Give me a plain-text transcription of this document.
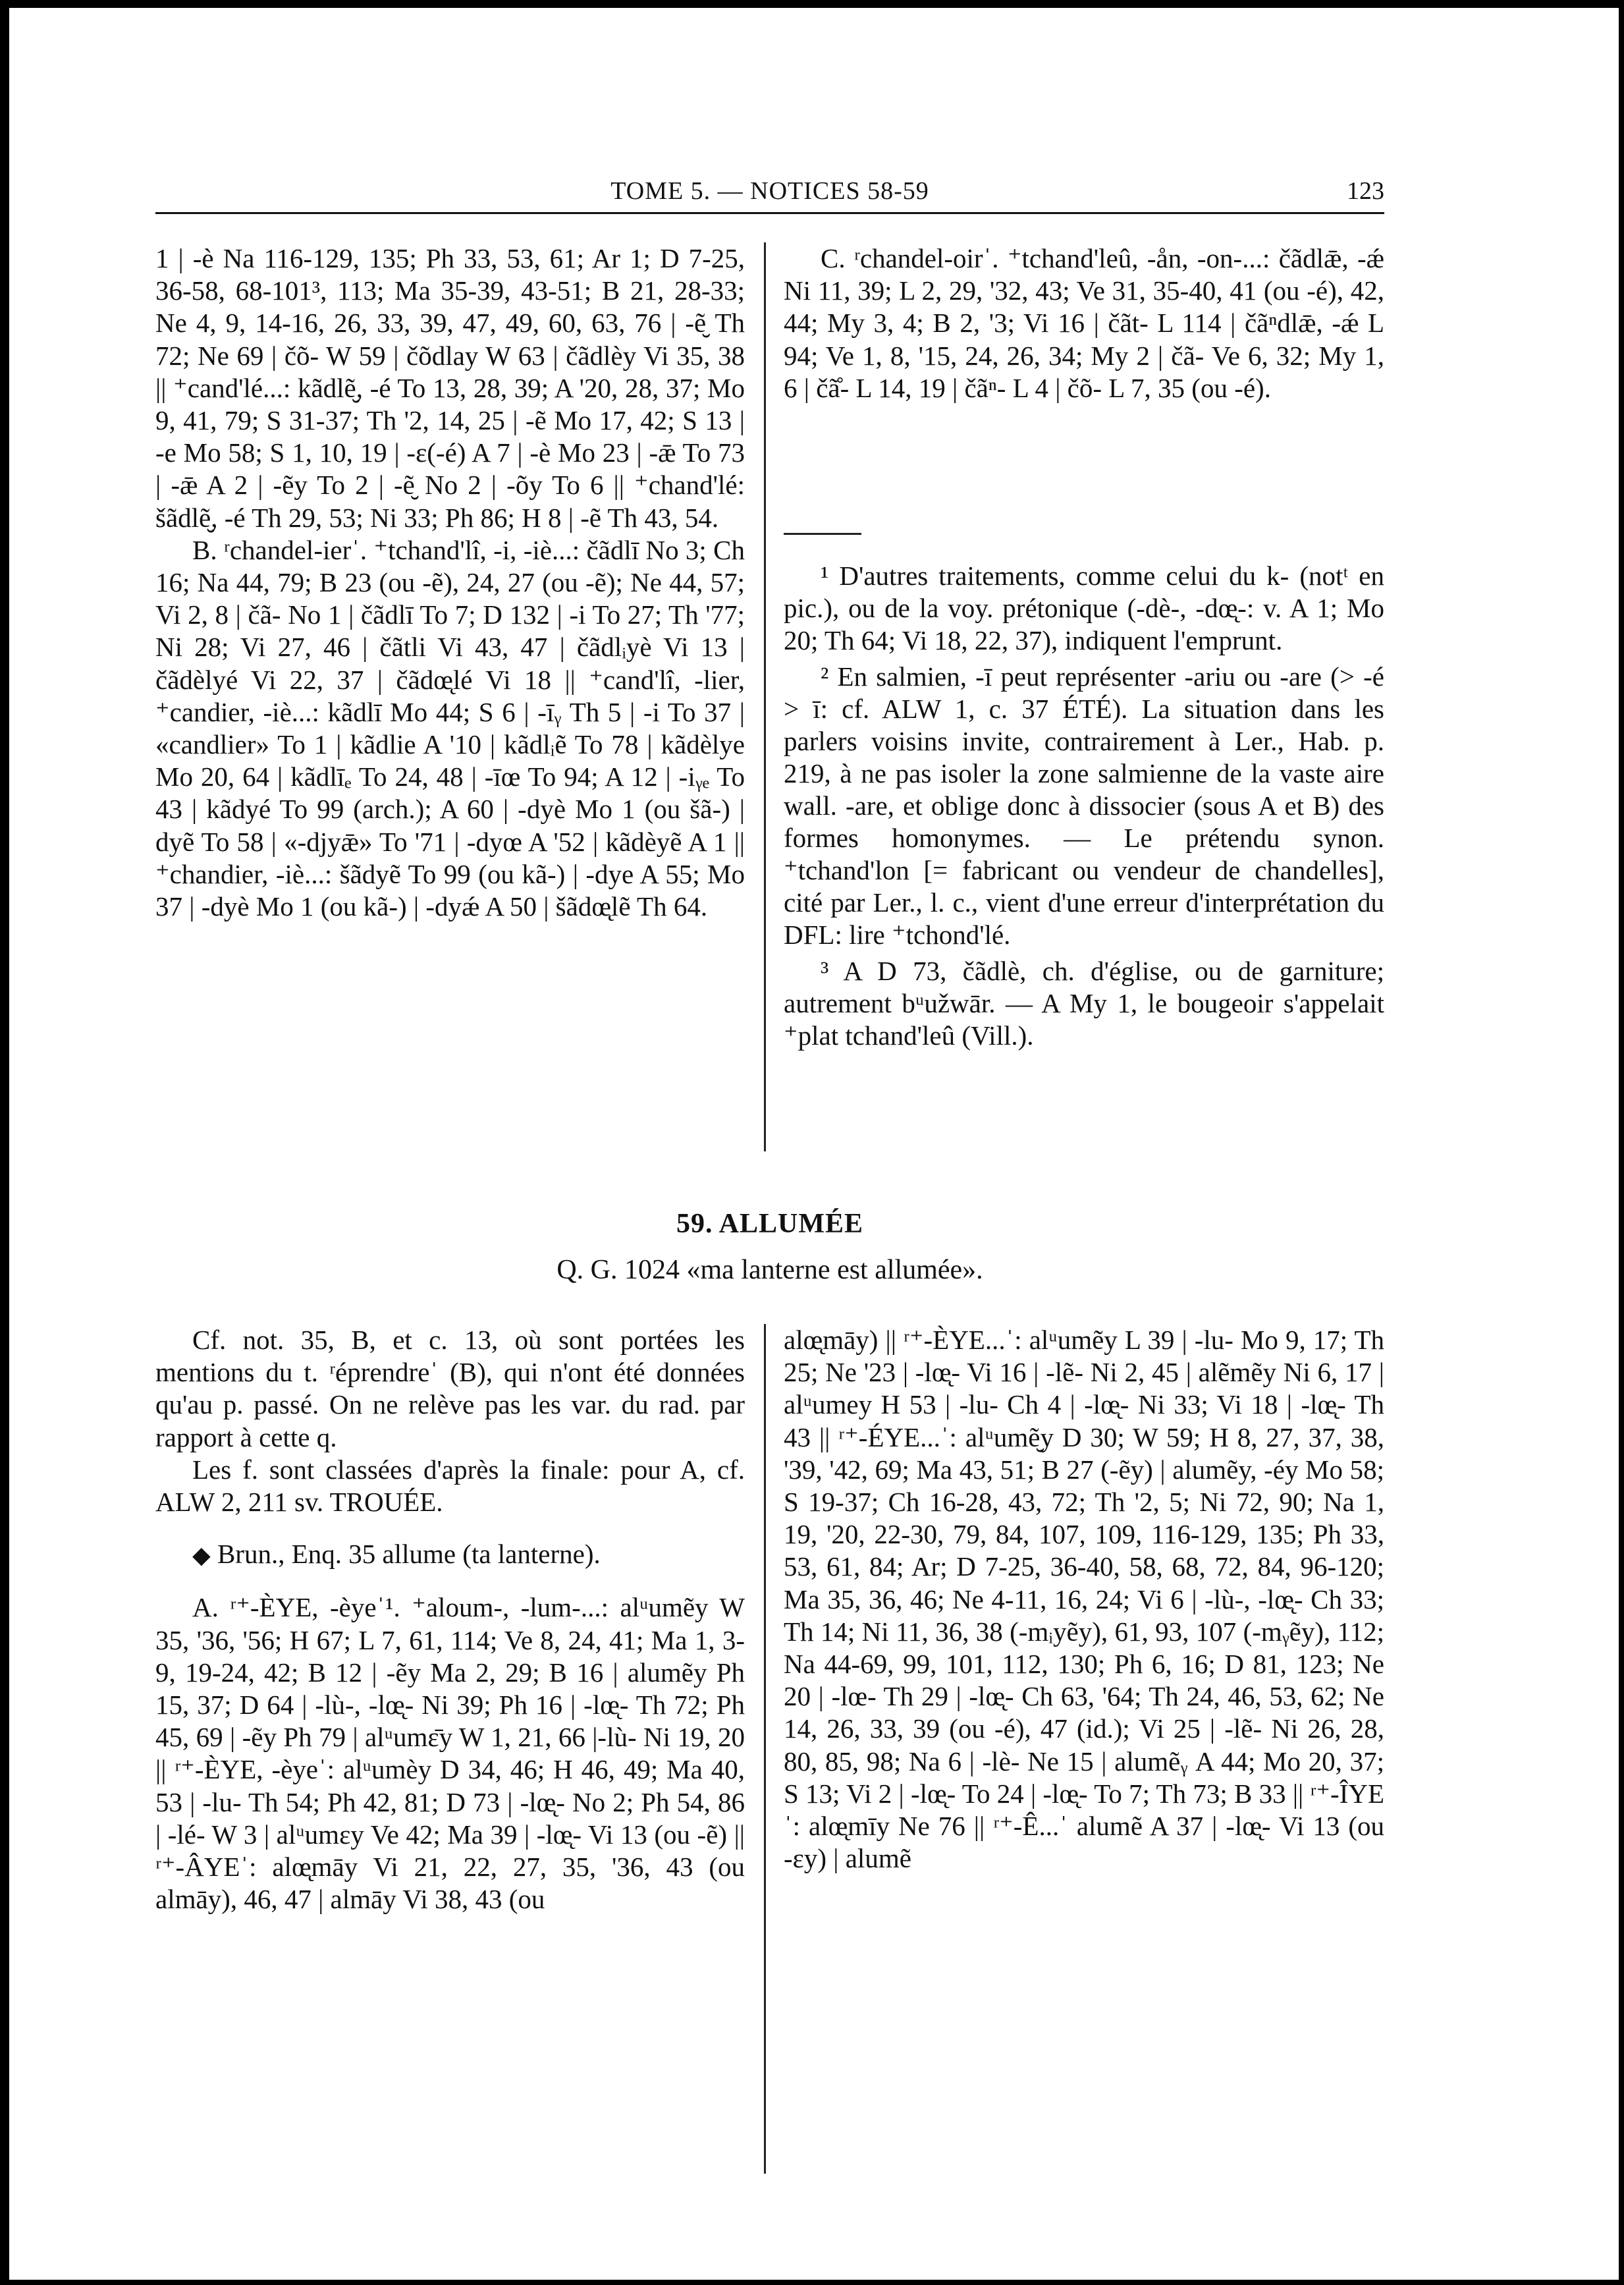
TOME 5. — NOTICES 58-59	123

1 | -è Na 116-129, 135; Ph 33, 53, 61; Ar 1; D 7-25, 36-58, 68-101³, 113; Ma 35-39, 43-51; B 21, 28-33; Ne 4, 9, 14-16, 26, 33, 39, 47, 49, 60, 63, 76 | -ẽ̮ Th 72; Ne 69 | čõ- W 59 | čõdlay W 63 | čãdlèy Vi 35, 38 || ⁺cand'lé...: kãdlẽ̮, -é To 13, 28, 39; A '20, 28, 37; Mo 9, 41, 79; S 31-37; Th '2, 14, 25 | -ẽ Mo 17, 42; S 13 | -e Mo 58; S 1, 10, 19 | -ɛ(-é) A 7 | -è Mo 23 | -ǣ To 73 | -ǣ A 2 | -ẽy To 2 | -ẽ̮ No 2 | -õy To 6 || ⁺chand'lé: šãdlẽ̮, -é Th 29, 53; Ni 33; Ph 86; H 8 | -ẽ Th 43, 54.

B. ʳchandel-ierˈ. ⁺tchand'lî, -i, -iè...: čãdlī No 3; Ch 16; Na 44, 79; B 23 (ou -ẽ), 24, 27 (ou -ẽ); Ne 44, 57; Vi 2, 8 | čã- No 1 | čãdlī To 7; D 132 | -i To 27; Th '77; Ni 28; Vi 27, 46 | čãtli Vi 43, 47 | čãdlᵢyè Vi 13 | čãdèlyé Vi 22, 37 | čãdœ̨lé Vi 18 || ⁺cand'lî, -lier, ⁺candier, -iè...: kãdlī Mo 44; S 6 | -īᵧ Th 5 | -i To 37 | «candlier» To 1 | kãdlie A '10 | kãdlᵢẽ To 78 | kãdèlye Mo 20, 64 | kãdlīₑ To 24, 48 | -īœ To 94; A 12 | -iᵧₑ To 43 | kãdyé To 99 (arch.); A 60 | -dyè Mo 1 (ou šã-) | dyẽ To 58 | «-djyǣ» To '71 | -dyœ A '52 | kãdèyẽ A 1 || ⁺chandier, -iè...: šãdyẽ To 99 (ou kã-) | -dye A 55; Mo 37 | -dyè Mo 1 (ou kã-) | -dyǽ A 50 | šãdœ̨lẽ Th 64.

C. ʳchandel-oirˈ. ⁺tchand'leû, -ån, -on-...: čãdlǣ, -ǽ Ni 11, 39; L 2, 29, '32, 43; Ve 31, 35-40, 41 (ou -é), 42, 44; My 3, 4; B 2, '3; Vi 16 | čãt- L 114 | čãⁿdlǣ, -ǽ L 94; Ve 1, 8, '15, 24, 26, 34; My 2 | čã- Ve 6, 32; My 1, 6 | čã̊- L 14, 19 | čãⁿ- L 4 | čõ- L 7, 35 (ou -é).

¹ D'autres traitements, comme celui du k- (notᵗ en pic.), ou de la voy. prétonique (-dè-, -dœ̨-: v. A 1; Mo 20; Th 64; Vi 18, 22, 37), indiquent l'emprunt.

² En salmien, -ī peut représenter -ariu ou -are (> -é > ī: cf. ALW 1, c. 37 ÉTÉ). La situation dans les parlers voisins invite, contrairement à Ler., Hab. p. 219, à ne pas isoler la zone salmienne de la vaste aire wall. -are, et oblige donc à dissocier (sous A et B) des formes homonymes. — Le prétendu synon. ⁺tchand'lon [= fabricant ou vendeur de chandelles], cité par Ler., l. c., vient d'une erreur d'interprétation du DFL: lire ⁺tchond'lé.

³ A D 73, čãdlè, ch. d'église, ou de garniture; autrement bᵘužwār. — A My 1, le bougeoir s'appelait ⁺plat tchand'leû (Vill.).

59. ALLUMÉE
Q. G. 1024 «ma lanterne est allumée».

Cf. not. 35, B, et c. 13, où sont portées les mentions du t. ʳéprendreˈ (B), qui n'ont été données qu'au p. passé. On ne relève pas les var. du rad. par rapport à cette q.

Les f. sont classées d'après la finale: pour A, cf. ALW 2, 211 sv. TROUÉE.

◆ Brun., Enq. 35 allume (ta lanterne).

A. ʳ⁺-ÈYE, -èyeˈ¹. ⁺aloum-, -lum-...: alᵘumẽy W 35, '36, '56; H 67; L 7, 61, 114; Ve 8, 24, 41; Ma 1, 3-9, 19-24, 42; B 12 | -ẽy Ma 2, 29; B 16 | alumẽy Ph 15, 37; D 64 | -lù-, -lœ̨- Ni 39; Ph 16 | -lœ̨- Th 72; Ph 45, 69 | -ẽy Ph 79 | alᵘumɛ̄y W 1, 21, 66 |-lù- Ni 19, 20 || ʳ⁺-ÈYE, -èyeˈ: alᵘumèy D 34, 46; H 46, 49; Ma 40, 53 | -lu- Th 54; Ph 42, 81; D 73 | -lœ̨- No 2; Ph 54, 86 | -lé- W 3 | alᵘumɛy Ve 42; Ma 39 | -lœ̨- Vi 13 (ou -ẽ) || ʳ⁺-ÂYEˈ: alœ̨māy Vi 21, 22, 27, 35, '36, 43 (ou almāy), 46, 47 | almāy Vi 38, 43 (ou

alœ̨māy) || ʳ⁺-ÈYE...ˈ: alᵘumẽy L 39 | -lu- Mo 9, 17; Th 25; Ne '23 | -lœ̨- Vi 16 | -lẽ- Ni 2, 45 | alẽmẽy Ni 6, 17 | alᵘumey H 53 | -lu- Ch 4 | -lœ̨- Ni 33; Vi 18 | -lœ̨- Th 43 || ʳ⁺-ÉYE...ˈ: alᵘumẽ̮y D 30; W 59; H 8, 27, 37, 38, '39, '42, 69; Ma 43, 51; B 27 (-ẽy) | alumẽy, -éy Mo 58; S 19-37; Ch 16-28, 43, 72; Th '2, 5; Ni 72, 90; Na 1, 19, '20, 22-30, 79, 84, 107, 109, 116-129, 135; Ph 33, 53, 61, 84; Ar; D 7-25, 36-40, 58, 68, 72, 84, 96-120; Ma 35, 36, 46; Ne 4-11, 16, 24; Vi 6 | -lù-, -lœ̨- Ch 33; Th 14; Ni 11, 36, 38 (-mᵢyẽy), 61, 93, 107 (-mᵧẽy), 112; Na 44-69, 99, 101, 112, 130; Ph 6, 16; D 81, 123; Ne 20 | -lœ- Th 29 | -lœ̨- Ch 63, '64; Th 24, 46, 53, 62; Ne 14, 26, 33, 39 (ou -é), 47 (id.); Vi 25 | -lẽ- Ni 26, 28, 80, 85, 98; Na 6 | -lè- Ne 15 | alumẽᵧ A 44; Mo 20, 37; S 13; Vi 2 | -lœ̨- To 24 | -lœ̨- To 7; Th 73; B 33 || ʳ⁺-ÎYEˈ: alœ̨mīy Ne 76 || ʳ⁺-Ê...ˈ alumẽ A 37 | -lœ̨- Vi 13 (ou -ɛy) | alumẽ
